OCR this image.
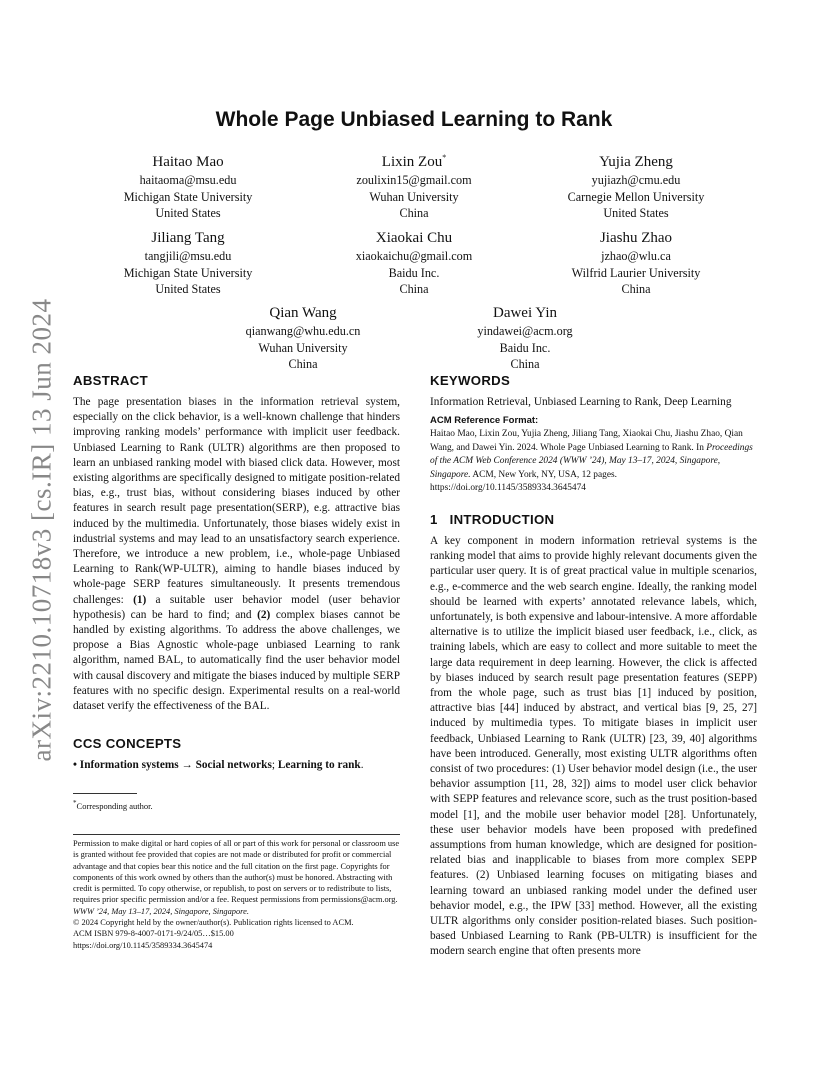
arXiv:2210.10718v3 [cs.IR] 13 Jun 2024
Whole Page Unbiased Learning to Rank
Haitao Mao
haitaoma@msu.edu
Michigan State University
United States
Lixin Zou*
zoulixin15@gmail.com
Wuhan University
China
Yujia Zheng
yujiazh@cmu.edu
Carnegie Mellon University
United States
Jiliang Tang
tangjili@msu.edu
Michigan State University
United States
Xiaokai Chu
xiaokaichu@gmail.com
Baidu Inc.
China
Jiashu Zhao
jzhao@wlu.ca
Wilfrid Laurier University
China
Qian Wang
qianwang@whu.edu.cn
Wuhan University
China
Dawei Yin
yindawei@acm.org
Baidu Inc.
China
ABSTRACT

The page presentation biases in the information retrieval system, especially on the click behavior, is a well-known challenge that hinders improving ranking models’ performance with implicit user feedback. Unbiased Learning to Rank (ULTR) algorithms are then proposed to learn an unbiased ranking model with biased click data. However, most existing algorithms are specifically designed to mitigate position-related bias, e.g., trust bias, without considering biases induced by other features in search result page presentation(SERP), e.g. attractive bias induced by the multimedia. Unfortunately, those biases widely exist in industrial systems and may lead to an unsatisfactory search experience. Therefore, we introduce a new problem, i.e., whole-page Unbiased Learning to Rank(WP-ULTR), aiming to handle biases induced by whole-page SERP features simultaneously. It presents tremendous challenges: (1) a suitable user behavior model (user behavior hypothesis) can be hard to find; and (2) complex biases cannot be handled by existing algorithms. To address the above challenges, we propose a Bias Agnostic whole-page unbiased Learning to rank algorithm, named BAL, to automatically find the user behavior model with causal discovery and mitigate the biases induced by multiple SERP features with no specific design. Experimental results on a real-world dataset verify the effectiveness of the BAL.

CCS CONCEPTS

• Information systems → Social networks; Learning to rank.

*Corresponding author.

Permission to make digital or hard copies of all or part of this work for personal or classroom use is granted without fee provided that copies are not made or distributed for profit or commercial advantage and that copies bear this notice and the full citation on the first page. Copyrights for components of this work owned by others than the author(s) must be honored. Abstracting with credit is permitted. To copy otherwise, or republish, to post on servers or to redistribute to lists, requires prior specific permission and/or a fee. Request permissions from permissions@acm.org.

WWW ’24, May 13–17, 2024, Singapore, Singapore.

© 2024 Copyright held by the owner/author(s). Publication rights licensed to ACM.

ACM ISBN 979-8-4007-0171-9/24/05…$15.00

https://doi.org/10.1145/3589334.3645474

KEYWORDS

Information Retrieval, Unbiased Learning to Rank, Deep Learning

ACM Reference Format:

Haitao Mao, Lixin Zou, Yujia Zheng, Jiliang Tang, Xiaokai Chu, Jiashu Zhao, Qian Wang, and Dawei Yin. 2024. Whole Page Unbiased Learning to Rank. In Proceedings of the ACM Web Conference 2024 (WWW ’24), May 13–17, 2024, Singapore, Singapore. ACM, New York, NY, USA, 12 pages. https://doi.org/10.1145/3589334.3645474

1 INTRODUCTION

A key component in modern information retrieval systems is the ranking model that aims to provide highly relevant documents given the particular user query. It is of great practical value in multiple scenarios, e.g., e-commerce and the web search engine. Ideally, the ranking model should be learned with experts’ annotated relevance labels, which, unfortunately, is both expensive and labour-intensive. A more affordable alternative is to utilize the implicit biased user feedback, i.e., click, as training labels, which are easy to collect and more suitable to meet the large data requirement in deep learning. However, the click is affected by biases induced by search result page presentation features (SEPP) from the whole page, such as trust bias [1] induced by position, attractive bias [44] induced by abstract, and vertical bias [9, 25, 27] induced by multimedia types. To mitigate biases in implicit user feedback, Unbiased Learning to Rank (ULTR) [23, 39, 40] algorithms have been introduced. Generally, most existing ULTR algorithms often consist of two procedures: (1) User behavior model design (i.e., the user behavior assumption [11, 28, 32]) aims to model user click behavior with SEPP features and relevance score, such as the trust position-based model [1], and the mobile user behavior model [28]. Unfortunately, these user behavior models have been proposed with predefined assumptions from human knowledge, which are designed for position-related bias and inapplicable to biases from more complex SEPP features. (2) Unbiased learning focuses on mitigating biases and learning toward an unbiased ranking model under the defined user behavior model, e.g., the IPW [33] method. However, all the existing ULTR algorithms only consider position-related biases. Such position-based Unbiased Learning to Rank (PB-ULTR) is insufficient for the modern search engine that often presents more
